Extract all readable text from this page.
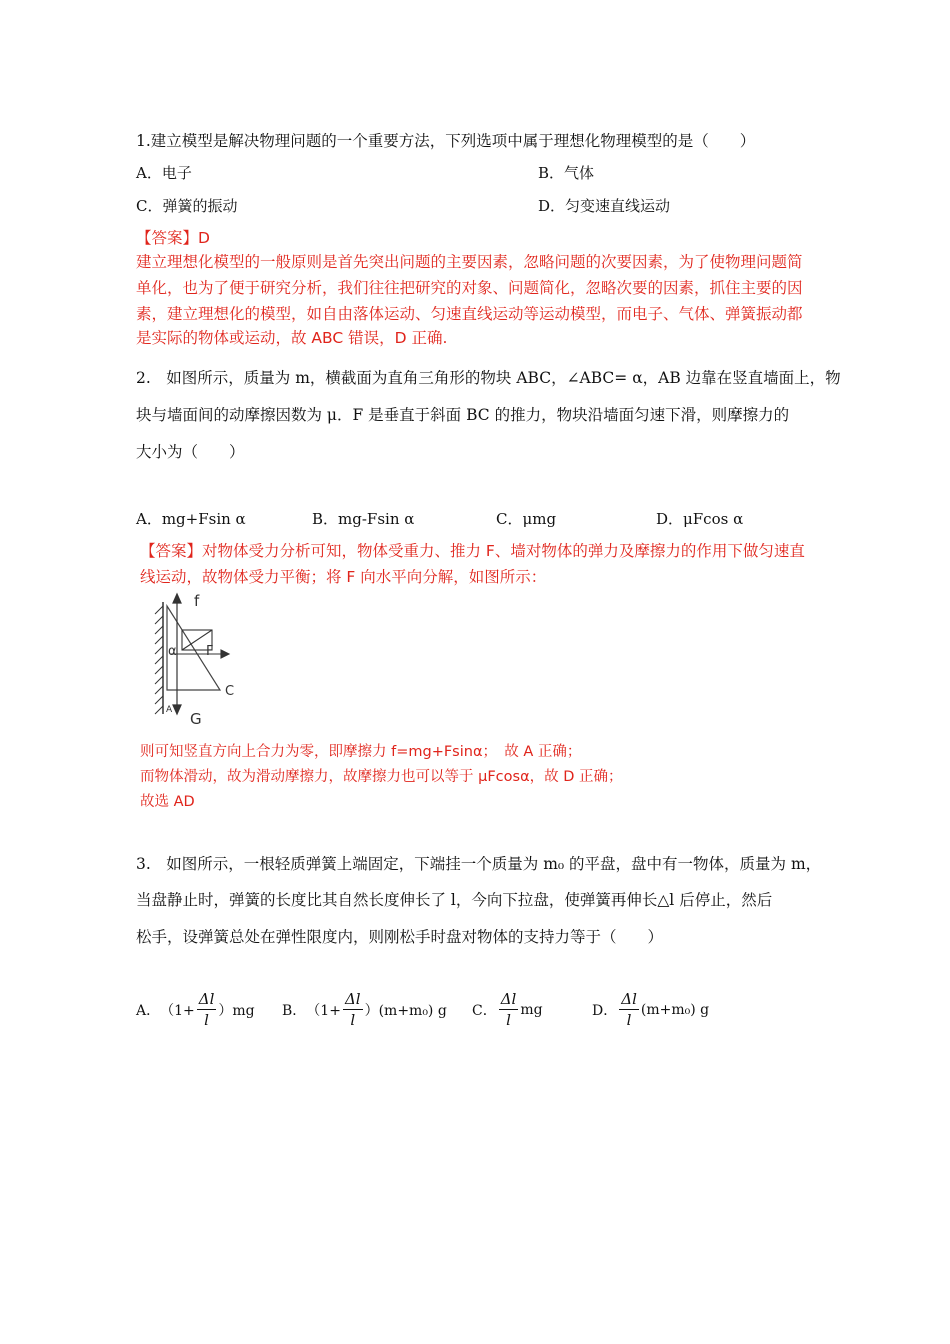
1.建立模型是解决物理问题的一个重要方法，下列选项中属于理想化物理模型的是（　　）
A．电子	B．气体
C．弹簧的振动	D．匀变速直线运动
【答案】D
建立理想化模型的一般原则是首先突出问题的主要因素，忽略问题的次要因素，为了使物理问题简
单化，也为了便于研究分析，我们往往把研究的对象、问题简化，忽略次要的因素，抓住主要的因
素，建立理想化的模型，如自由落体运动、匀速直线运动等运动模型，而电子、气体、弹簧振动都
是实际的物体或运动，故 ABC 错误，D 正确.
2.　如图所示，质量为 m，横截面为直角三角形的物块 ABC，∠ABC= α，AB 边靠在竖直墙面上，物
块与墙面间的动摩擦因数为 μ．F 是垂直于斜面 BC 的推力，物块沿墙面匀速下滑，则摩擦力的
大小为（　　）
A．mg+Fsin α	B．mg-Fsin α	C．μmg	D．μFcos α
【答案】对物体受力分析可知，物体受重力、推力 F、墙对物体的弹力及摩擦力的作用下做匀速直
线运动，故物体受力平衡；将 F 向水平向分解，如图所示：
f
α F
C
A G
则可知竖直方向上合力为零，即摩擦力 f=mg+Fsinα；　故 A 正确；
而物体滑动，故为滑动摩擦力，故摩擦力也可以等于 μFcosα，故 D 正确；
故选 AD
3.　如图所示，一根轻质弹簧上端固定，下端挂一个质量为 m₀ 的平盘，盘中有一物体，质量为 m，
当盘静止时，弹簧的长度比其自然长度伸长了 l，今向下拉盘，使弹簧再伸长△l 后停止，然后
松手，设弹簧总处在弹性限度内，则刚松手时盘对物体的支持力等于（　　）
A． $(1+ \frac{\Delta l}{l} )mg$ B． $(1+ \frac{\Delta l}{l} )(m+m_0)$ g C． $\frac{\Delta l}{l}$ mg	D． $\frac{\Delta l}{l} (m+m_0)$ g
